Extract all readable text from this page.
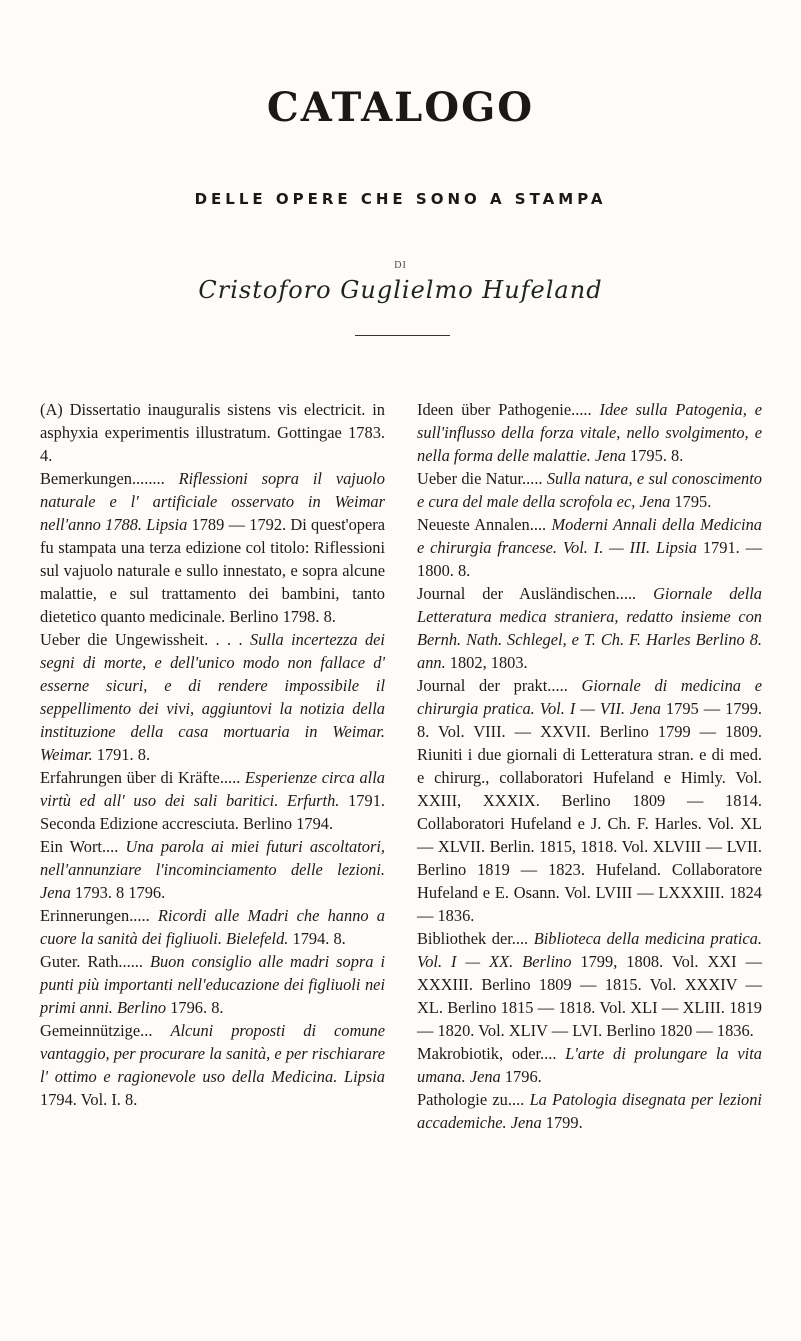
CATALOGO
DELLE OPERE CHE SONO A STAMPA
DI
Cristoforo Guglielmo Hufeland

(A) Dissertatio inauguralis sistens vis electricit. in asphyxia experimentis illustratum. Gottingae 1783. 4.

Bemerkungen........ Riflessioni sopra il vajuolo naturale e l' artificiale osservato in Weimar nell'anno 1788. Lipsia 1789 — 1792. Di quest'opera fu stampata una terza edizione col titolo: Riflessioni sul vajuolo naturale e sullo innestato, e sopra alcune malattie, e sul trattamento dei bambini, tanto dietetico quanto medicinale. Berlino 1798. 8.

Ueber die Ungewissheit. . . . Sulla incertezza dei segni di morte, e dell'unico modo non fallace d' esserne sicuri, e di rendere impossibile il seppellimento dei vivi, aggiuntovi la notizia della instituzione della casa mortuaria in Weimar. Weimar. 1791. 8.

Erfahrungen über di Kräfte..... Esperienze circa alla virtù ed all' uso dei sali baritici. Erfurth. 1791. Seconda Edizione accresciuta. Berlino 1794.

Ein Wort.... Una parola ai miei futuri ascoltatori, nell'annunziare l'incominciamento delle lezioni. Jena 1793. 8 1796.

Erinnerungen..... Ricordi alle Madri che hanno a cuore la sanità dei figliuoli. Bielefeld. 1794. 8.

Guter. Rath...... Buon consiglio alle madri sopra i punti più importanti nell'educazione dei figliuoli nei primi anni. Berlino 1796. 8.

Gemeinnützige... Alcuni proposti di comune vantaggio, per procurare la sanità, e per rischiarare l' ottimo e ragionevole uso della Medicina. Lipsia 1794. Vol. I. 8.

Ideen über Pathogenie..... Idee sulla Patogenia, e sull'influsso della forza vitale, nello svolgimento, e nella forma delle malattie. Jena 1795. 8.

Ueber die Natur..... Sulla natura, e sul conoscimento e cura del male della scrofola ec, Jena 1795.

Neueste Annalen.... Moderni Annali della Medicina e chirurgia francese. Vol. I. — III. Lipsia 1791. — 1800. 8.

Journal der Ausländischen..... Giornale della Letteratura medica straniera, redatto insieme con Bernh. Nath. Schlegel, e T. Ch. F. Harles Berlino 8. ann. 1802, 1803.

Journal der prakt..... Giornale di medicina e chirurgia pratica. Vol. I — VII. Jena 1795 — 1799. 8. Vol. VIII. — XXVII. Berlino 1799 — 1809. Riuniti i due giornali di Letteratura stran. e di med. e chirurg., collaboratori Hufeland e Himly. Vol. XXIII, XXXIX. Berlino 1809 — 1814. Collaboratori Hufeland e J. Ch. F. Harles. Vol. XL — XLVII. Berlin. 1815, 1818. Vol. XLVIII — LVII. Berlino 1819 — 1823. Hufeland. Collaboratore Hufeland e E. Osann. Vol. LVIII — LXXXIII. 1824 — 1836.

Bibliothek der.... Biblioteca della medicina pratica. Vol. I — XX. Berlino 1799, 1808. Vol. XXI — XXXIII. Berlino 1809 — 1815. Vol. XXXIV — XL. Berlino 1815 — 1818. Vol. XLI — XLIII. 1819 — 1820. Vol. XLIV — LVI. Berlino 1820 — 1836.

Makrobiotik, oder.... L'arte di prolungare la vita umana. Jena 1796.

Pathologie zu.... La Patologia disegnata per lezioni accademiche. Jena 1799.
